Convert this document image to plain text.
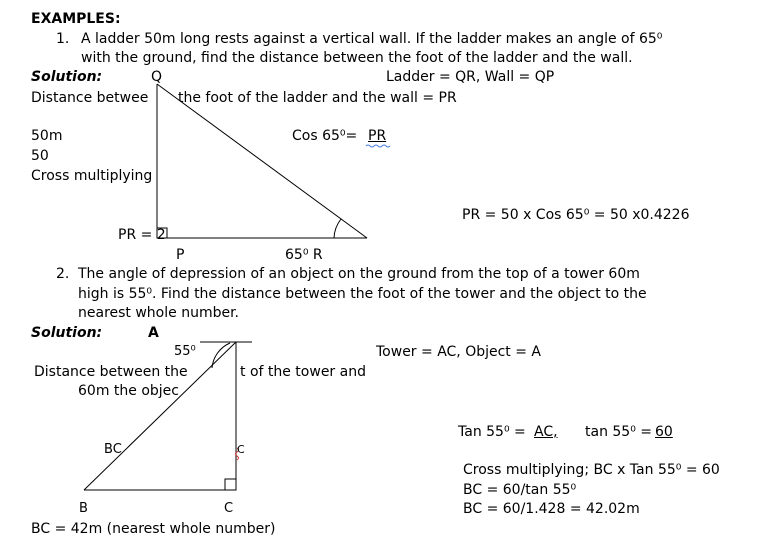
EXAMPLES:
1. A ladder 50m long rests against a vertical wall. If the ladder makes an angle of 65⁰
with the ground, find the distance between the foot of the ladder and the wall.
Solution:	Q	Ladder = QR, Wall = QP
Distance betwee the foot of the ladder and the wall = PR
50m	Cos 65⁰= PR
50
Cross multiplying
PR = 50 x Cos 65⁰ = 50 x0.4226
PR = 2
P	65⁰ R
2. The angle of depression of an object on the ground from the top of a tower 60m
high is 55⁰. Find the distance between the foot of the tower and the object to the
nearest whole number.
Solution:	A
55⁰	Tower = AC, Object = A
Distance between the	t of the tower and
60m the objec
Tan 55⁰ = AC, tan 55⁰ = 60
BC	C
Cross multiplying; BC x Tan 55⁰ = 60
BC = 60/tan 55⁰
B	C	BC = 60/1.428 = 42.02m
BC = 42m (nearest whole number)
